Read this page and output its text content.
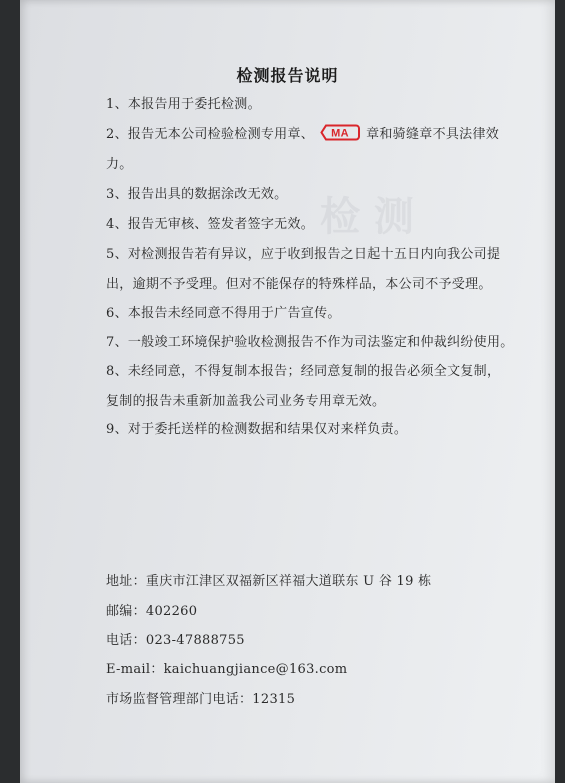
检 测
检测报告说明
1、本报告用于委托检测。
2、报告无本公司检验检测专用章、 MA 章和骑缝章不具法律效
力。
3、报告出具的数据涂改无效。
4、报告无审核、签发者签字无效。
5、对检测报告若有异议，应于收到报告之日起十五日内向我公司提
出，逾期不予受理。但对不能保存的特殊样品，本公司不予受理。
6、本报告未经同意不得用于广告宣传。
7、一般竣工环境保护验收检测报告不作为司法鉴定和仲裁纠纷使用。
8、未经同意，不得复制本报告；经同意复制的报告必须全文复制，
复制的报告未重新加盖我公司业务专用章无效。
9、对于委托送样的检测数据和结果仅对来样负责。
地址：重庆市江津区双福新区祥福大道联东 U 谷 19 栋
邮编：402260
电话：023-47888755
E-mail：kaichuangjiance@163.com
市场监督管理部门电话：12315
